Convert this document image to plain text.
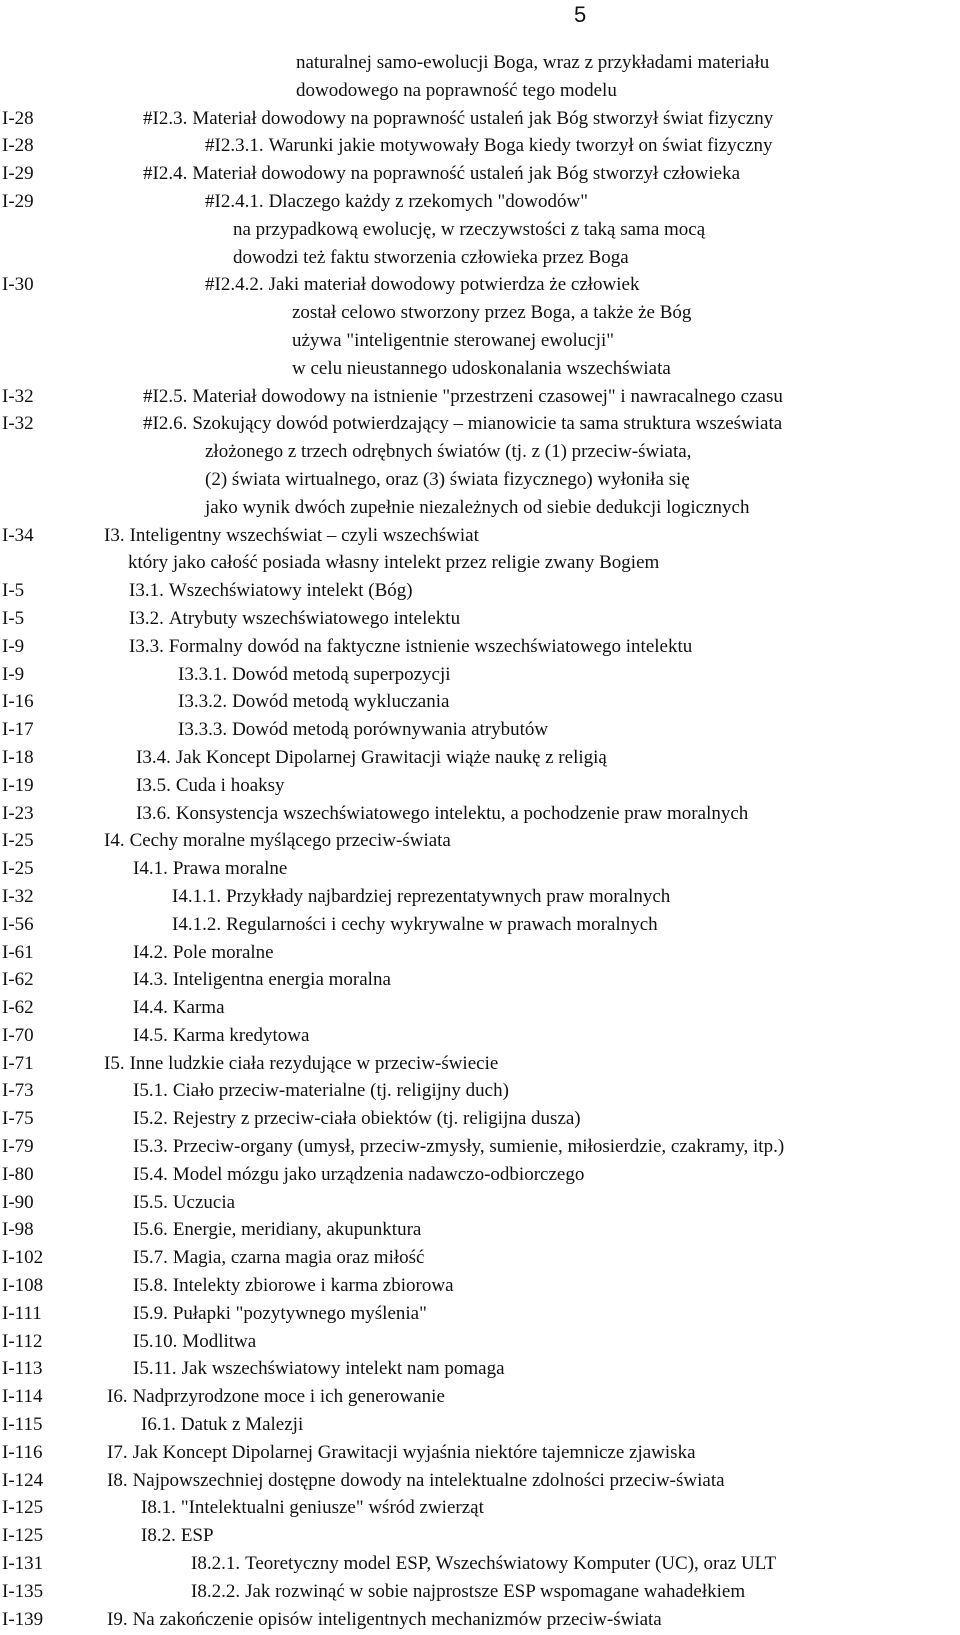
5
naturalnej samo-ewolucji Boga, wraz z przykładami materiału
dowodowego na poprawność tego modelu
I-28	#I2.3. Materiał dowodowy na poprawność ustaleń jak Bóg stworzył świat fizyczny
I-28	#I2.3.1. Warunki jakie motywowały Boga kiedy tworzył on świat fizyczny
I-29	#I2.4. Materiał dowodowy na poprawność ustaleń jak Bóg stworzył człowieka
I-29	#I2.4.1. Dlaczego każdy z rzekomych "dowodów"
na przypadkową ewolucję, w rzeczywstości z taką sama mocą
dowodzi też faktu stworzenia człowieka przez Boga
I-30	#I2.4.2. Jaki materiał dowodowy potwierdza że człowiek
został celowo stworzony przez Boga, a także że Bóg
używa "inteligentnie sterowanej ewolucji"
w celu nieustannego udoskonalania wszechświata
I-32	#I2.5. Materiał dowodowy na istnienie "przestrzeni czasowej" i nawracalnego czasu
I-32	#I2.6. Szokujący dowód potwierdzający – mianowicie ta sama struktura wszeświata
złożonego z trzech odrębnych światów (tj. z (1) przeciw-świata,
(2) świata wirtualnego, oraz (3) świata fizycznego) wyłoniła się
jako wynik dwóch zupełnie niezależnych od siebie dedukcji logicznych
I-34	I3. Inteligentny wszechświat – czyli wszechświat
który jako całość posiada własny intelekt przez religie zwany Bogiem
I-5	I3.1. Wszechświatowy intelekt (Bóg)
I-5	I3.2. Atrybuty wszechświatowego intelektu
I-9	I3.3. Formalny dowód na faktyczne istnienie wszechświatowego intelektu
I-9	I3.3.1. Dowód metodą superpozycji
I-16	I3.3.2. Dowód metodą wykluczania
I-17	I3.3.3. Dowód metodą porównywania atrybutów
I-18	I3.4. Jak Koncept Dipolarnej Grawitacji wiąże naukę z religią
I-19	I3.5. Cuda i hoaksy
I-23	I3.6. Konsystencja wszechświatowego intelektu, a pochodzenie praw moralnych
I-25	I4. Cechy moralne myślącego przeciw-świata
I-25	I4.1. Prawa moralne
I-32	I4.1.1. Przykłady najbardziej reprezentatywnych praw moralnych
I-56	I4.1.2. Regularności i cechy wykrywalne w prawach moralnych
I-61	I4.2. Pole moralne
I-62	I4.3. Inteligentna energia moralna
I-62	I4.4. Karma
I-70	I4.5. Karma kredytowa
I-71	I5. Inne ludzkie ciała rezydujące w przeciw-świecie
I-73	I5.1. Ciało przeciw-materialne (tj. religijny duch)
I-75	I5.2. Rejestry z przeciw-ciała obiektów (tj. religijna dusza)
I-79	I5.3. Przeciw-organy (umysł, przeciw-zmysły, sumienie, miłosierdzie, czakramy, itp.)
I-80	I5.4. Model mózgu jako urządzenia nadawczo-odbiorczego
I-90	I5.5. Uczucia
I-98	I5.6. Energie, meridiany, akupunktura
I-102	I5.7. Magia, czarna magia oraz miłość
I-108	I5.8. Intelekty zbiorowe i karma zbiorowa
I-111	I5.9. Pułapki "pozytywnego myślenia"
I-112	I5.10. Modlitwa
I-113	I5.11. Jak wszechświatowy intelekt nam pomaga
I-114	I6. Nadprzyrodzone moce i ich generowanie
I-115	I6.1. Datuk z Malezji
I-116	I7. Jak Koncept Dipolarnej Grawitacji wyjaśnia niektóre tajemnicze zjawiska
I-124	I8. Najpowszechniej dostępne dowody na intelektualne zdolności przeciw-świata
I-125	I8.1. "Intelektualni geniusze" wśród zwierząt
I-125	I8.2. ESP
I-131	I8.2.1. Teoretyczny model ESP, Wszechświatowy Komputer (UC), oraz ULT
I-135	I8.2.2. Jak rozwinąć w sobie najprostsze ESP wspomagane wahadełkiem
I-139	I9. Na zakończenie opisów inteligentnych mechanizmów przeciw-świata
